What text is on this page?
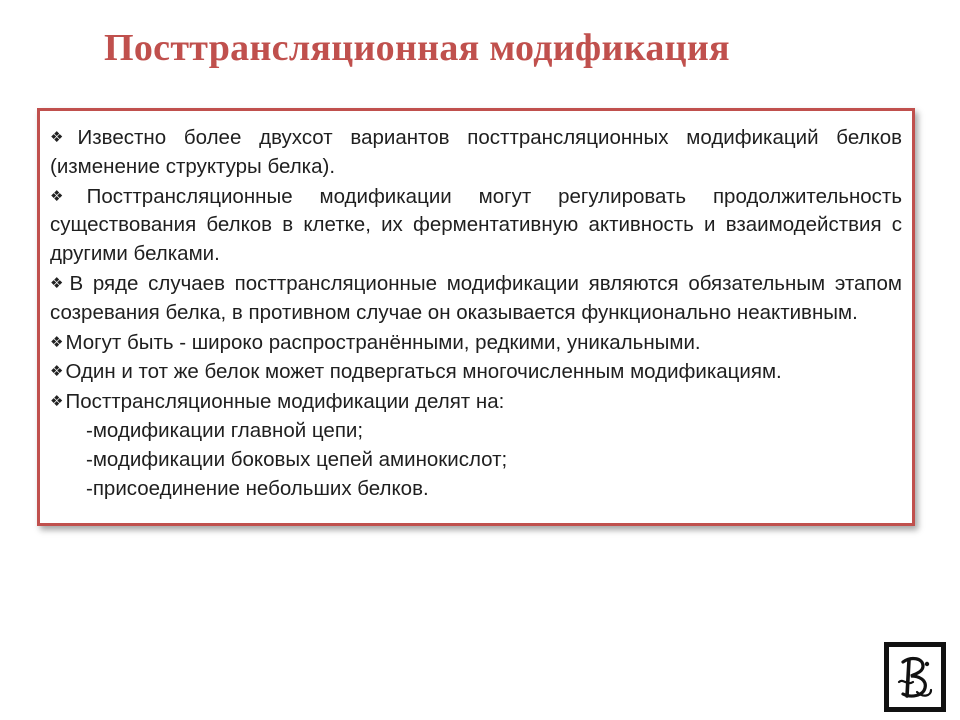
Посттрансляционная модификация
❖Известно более двухсот вариантов посттрансляционных модификаций белков (изменение структуры белка).
❖Посттрансляционные модификации могут регулировать продолжительность существования белков в клетке, их ферментативную активность и взаимодействия с другими белками.
❖В ряде случаев посттрансляционные модификации являются обязательным этапом созревания белка, в противном случае он оказывается функционально неактивным.
❖Могут быть - широко распространёнными, редкими, уникальными.
❖Один и тот же белок может подвергаться многочисленным модификациям.
❖Посттрансляционные модификации делят на:
-модификации главной цепи;
-модификации боковых цепей аминокислот;
-присоединение небольших белков.
